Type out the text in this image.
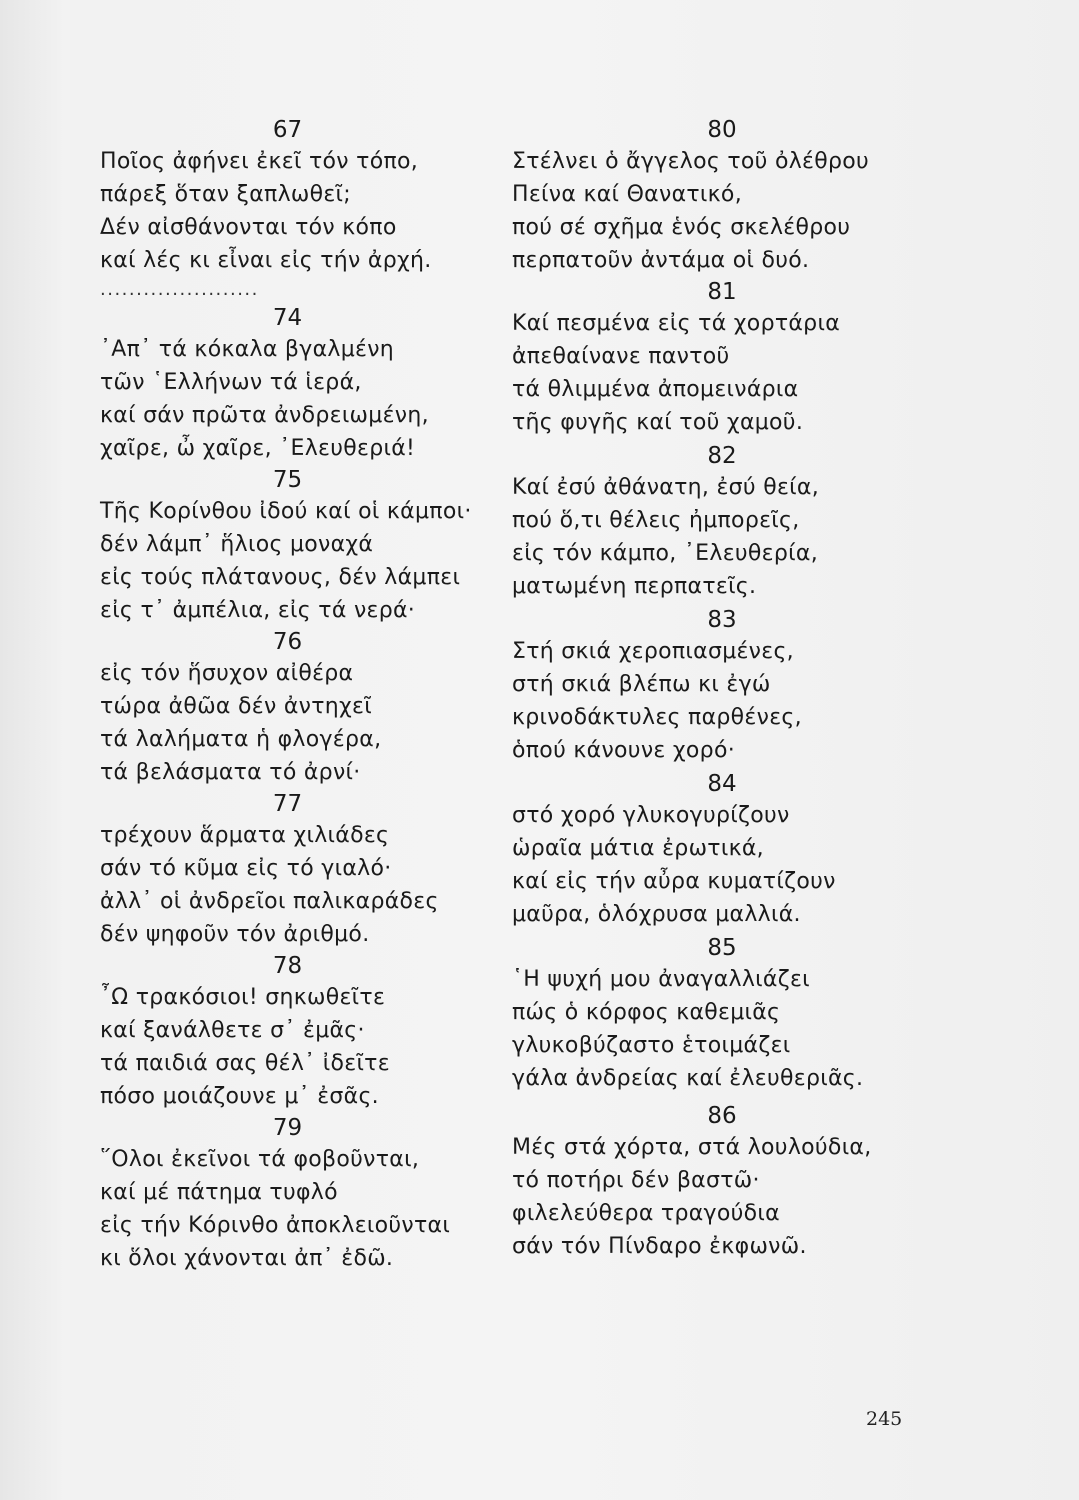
67
Ποῖος ἀφήνει ἐκεῖ τόν τόπο,
πάρεξ ὅταν ξαπλωθεῖ;
Δέν αἰσθάνονται τόν κόπο
καί λές κι εἶναι εἰς τήν ἀρχή.
......................
74
᾿Απ᾿ τά κόκαλα βγαλμένη
τῶν ῾Ελλήνων τά ἱερά,
καί σάν πρῶτα ἀνδρειωμένη,
χαῖρε, ὦ χαῖρε, ᾿Ελευθεριά!
75
Τῆς Κορίνθου ἰδού καί οἱ κάμποι·
δέν λάμπ᾿ ἥλιος μοναχά
εἰς τούς πλάτανους, δέν λάμπει
εἰς τ᾿ ἀμπέλια, εἰς τά νερά·
76
εἰς τόν ἥσυχον αἰθέρα
τώρα ἀθῶα δέν ἀντηχεῖ
τά λαλήματα ἡ φλογέρα,
τά βελάσματα τό ἀρνί·
77
τρέχουν ἅρματα χιλιάδες
σάν τό κῦμα εἰς τό γιαλό·
ἀλλ᾿ οἱ ἀνδρεῖοι παλικαράδες
δέν ψηφοῦν τόν ἀριθμό.
78
῏Ω τρακόσιοι! σηκωθεῖτε
καί ξανάλθετε σ᾿ ἐμᾶς·
τά παιδιά σας θέλ᾿ ἰδεῖτε
πόσο μοιάζουνε μ᾿ ἐσᾶς.
79
῞Ολοι ἐκεῖνοι τά φοβοῦνται,
καί μέ πάτημα τυφλό
εἰς τήν Κόρινθο ἀποκλειοῦνται
κι ὅλοι χάνονται ἀπ᾿ ἐδῶ.
80
Στέλνει ὁ ἄγγελος τοῦ ὀλέθρου
Πείνα καί Θανατικό,
πού σέ σχῆμα ἑνός σκελέθρου
περπατοῦν ἀντάμα οἱ δυό.
81
Καί πεσμένα εἰς τά χορτάρια
ἀπεθαίνανε παντοῦ
τά θλιμμένα ἀπομεινάρια
τῆς φυγῆς καί τοῦ χαμοῦ.
82
Καί ἐσύ ἀθάνατη, ἐσύ θεία,
πού ὅ,τι θέλεις ἠμπορεῖς,
εἰς τόν κάμπο, ᾿Ελευθερία,
ματωμένη περπατεῖς.
83
Στή σκιά χεροπιασμένες,
στή σκιά βλέπω κι ἐγώ
κρινοδάκτυλες παρθένες,
ὁπού κάνουνε χορό·
84
στό χορό γλυκογυρίζουν
ὡραῖα μάτια ἐρωτικά,
καί εἰς τήν αὖρα κυματίζουν
μαῦρα, ὁλόχρυσα μαλλιά.
85
῾Η ψυχή μου ἀναγαλλιάζει
πώς ὁ κόρφος καθεμιᾶς
γλυκοβύζαστο ἑτοιμάζει
γάλα ἀνδρείας καί ἐλευθεριᾶς.
86
Μές στά χόρτα, στά λουλούδια,
τό ποτήρι δέν βαστῶ·
φιλελεύθερα τραγούδια
σάν τόν Πίνδαρο ἐκφωνῶ.
245
